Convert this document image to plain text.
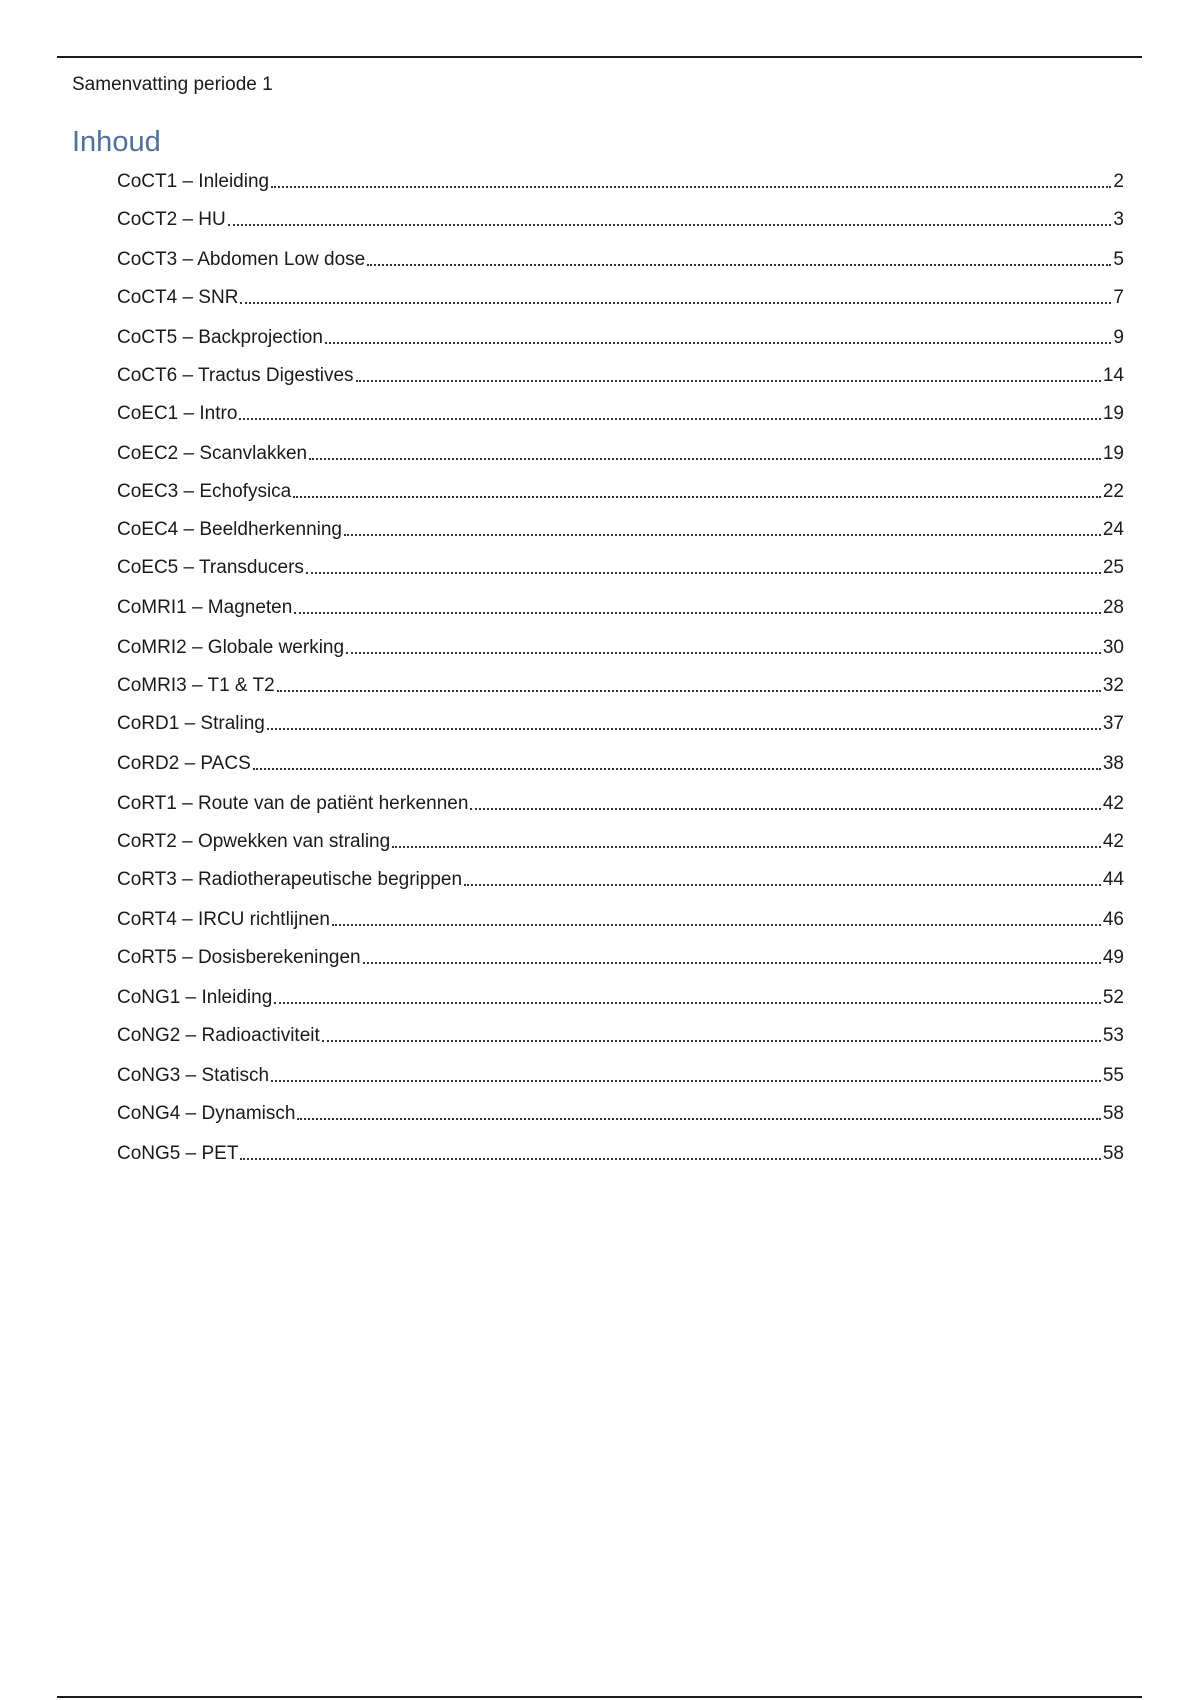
Samenvatting periode 1
Inhoud
CoCT1 – Inleiding	2
CoCT2 – HU	3
CoCT3 – Abdomen Low dose	5
CoCT4 – SNR	7
CoCT5 – Backprojection	9
CoCT6 – Tractus Digestives	14
CoEC1 – Intro	19
CoEC2 – Scanvlakken	19
CoEC3 – Echofysica	22
CoEC4 – Beeldherkenning	24
CoEC5 – Transducers	25
CoMRI1 – Magneten	28
CoMRI2 – Globale werking	30
CoMRI3 – T1 & T2	32
CoRD1 – Straling	37
CoRD2 – PACS	38
CoRT1 – Route van de patiënt herkennen	42
CoRT2 – Opwekken van straling	42
CoRT3 – Radiotherapeutische begrippen	44
CoRT4 – IRCU richtlijnen	46
CoRT5 – Dosisberekeningen	49
CoNG1 – Inleiding	52
CoNG2 – Radioactiviteit	53
CoNG3 – Statisch	55
CoNG4 – Dynamisch	58
CoNG5 – PET	58
